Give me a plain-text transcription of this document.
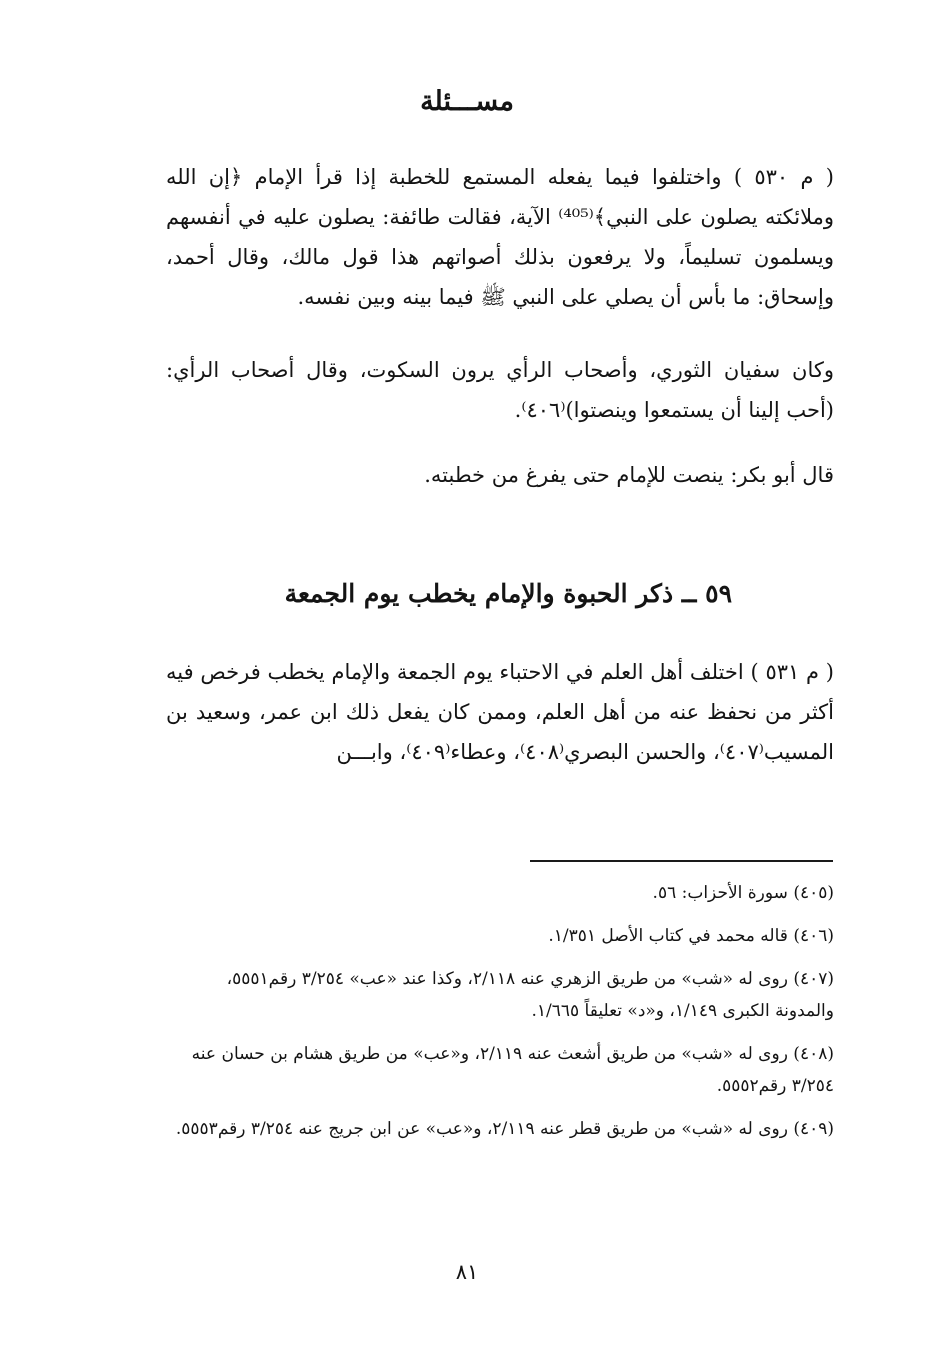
مســـئلة
( م ٥٣٠ ) واختلفوا فيما يفعله المستمع للخطبة إذا قرأ الإمام ﴿إن الله وملائكته يصلون على النبي﴾⁽⁴⁰⁵⁾ الآية، فقالت طائفة: يصلون عليه في أنفسهم ويسلمون تسليماً، ولا يرفعون بذلك أصواتهم هذا قول مالك، وقال أحمد، وإسحاق: ما بأس أن يصلي على النبي ﷺ فيما بينه وبين نفسه.
وكان سفيان الثوري، وأصحاب الرأي يرون السكوت، وقال أصحاب الرأي: (أحب إلينا أن يستمعوا وينصتوا)⁽٤٠٦⁾.
قال أبو بكر: ينصت للإمام حتى يفرغ من خطبته.
٥٩ ــ ذكر الحبوة والإمام يخطب يوم الجمعة
( م ٥٣١ ) اختلف أهل العلم في الاحتباء يوم الجمعة والإمام يخطب فرخص فيه أكثر من نحفظ عنه من أهل العلم، وممن كان يفعل ذلك ابن عمر، وسعيد بن المسيب⁽٤٠٧⁾، والحسن البصري⁽٤٠٨⁾، وعطاء⁽٤٠٩⁾، وابـــن
(٤٠٥) سورة الأحزاب: ٥٦.
(٤٠٦) قاله محمد في كتاب الأصل ١/٣٥١.
(٤٠٧) روى له «شب» من طريق الزهري عنه ٢/١١٨، وكذا عند «عب» ٣/٢٥٤ رقم٥٥٥١، والمدونة الكبرى ١/١٤٩، و«د» تعليقاً ١/٦٦٥.
(٤٠٨) روى له «شب» من طريق أشعث عنه ٢/١١٩، و«عب» من طريق هشام بن حسان عنه ٣/٢٥٤ رقم٥٥٥٢.
(٤٠٩) روى له «شب» من طريق قطر عنه ٢/١١٩، و«عب» عن ابن جريج عنه ٣/٢٥٤ رقم٥٥٥٣.
٨١
